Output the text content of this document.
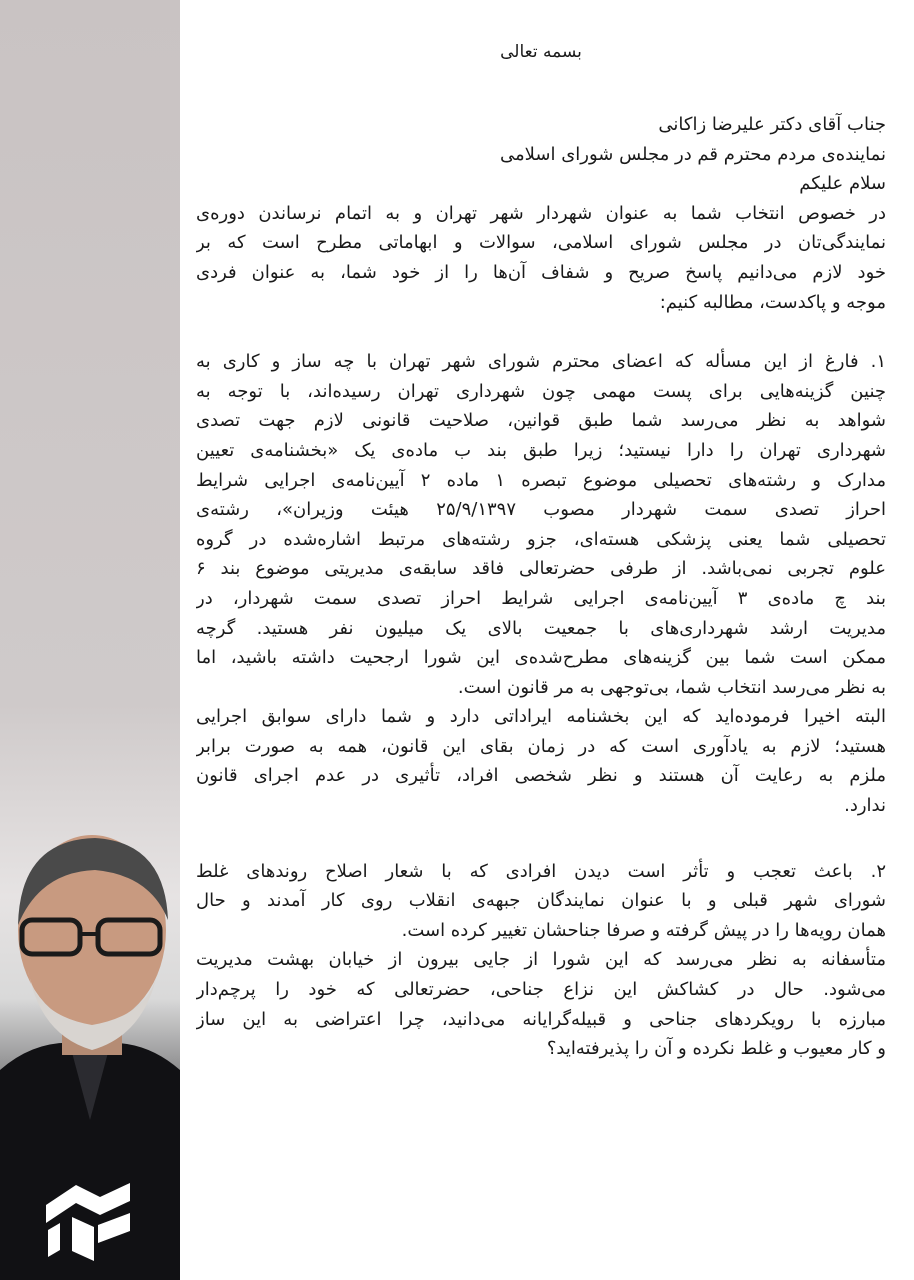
بسمه تعالی
جناب آقای دکتر علیرضا زاکانی
نماینده‌ی مردم محترم قم در مجلس شورای اسلامی
سلام علیکم
در خصوص انتخاب شما به عنوان شهردار شهر تهران و به اتمام نرساندن دوره‌ی
نمایندگی‌تان در مجلس شورای اسلامی، سوالات و ابهاماتی مطرح است که بر
خود لازم می‌دانیم پاسخ صریح و شفاف آن‌ها را از خود شما، به عنوان فردی
موجه و پاکدست، مطالبه کنیم:
۱. فارغ از این مسأله که اعضای محترم شورای شهر تهران با چه ساز و کاری به
چنین گزینه‌هایی برای پست مهمی چون شهرداری تهران رسیده‌اند، با توجه به
شواهد به نظر می‌رسد شما طبق قوانین، صلاحیت قانونی لازم جهت تصدی
شهرداری تهران را دارا نیستید؛ زیرا طبق بند ب ماده‌ی یک «بخشنامه‌ی تعیین
مدارک و رشته‌های تحصیلی موضوع تبصره ۱ ماده ۲ آیین‌نامه‌ی اجرایی شرایط
احراز تصدی سمت شهردار مصوب ۲۵/۹/۱۳۹۷ هیئت وزیران»، رشته‌ی
تحصیلی شما یعنی پزشکی هسته‌ای، جزو رشته‌های مرتبط اشاره‌شده در گروه
علوم تجربی نمی‌باشد. از طرفی حضرتعالی فاقد سابقه‌ی مدیریتی موضوع بند ۶
بند چ ماده‌ی ۳ آیین‌نامه‌ی اجرایی شرایط احراز تصدی سمت شهردار، در
مدیریت ارشد شهرداری‌های با جمعیت بالای یک میلیون نفر هستید. گرچه
ممکن است شما بین گزینه‌های مطرح‌شده‌ی این شورا ارجحیت داشته باشید، اما
به نظر می‌رسد انتخاب شما، بی‌توجهی به مر قانون است.
البته اخیرا فرموده‌اید که این بخشنامه ایراداتی دارد و شما دارای سوابق اجرایی
هستید؛ لازم به یادآوری است که در زمان بقای این قانون، همه به صورت برابر
ملزم به رعایت آن هستند و نظر شخصی افراد، تأثیری در عدم اجرای قانون
ندارد.
۲. باعث تعجب و تأثر است دیدن افرادی که با شعار اصلاح روندهای غلط
شورای شهر قبلی و با عنوان نمایندگان جبهه‌ی انقلاب روی کار آمدند و حال
همان رویه‌ها را در پیش گرفته و صرفا جناحشان تغییر کرده است.
متأسفانه به نظر می‌رسد که این شورا از جایی بیرون از خیابان بهشت مدیریت
می‌شود. حال در کشاکش این نزاع جناحی، حضرتعالی که خود را پرچم‌دار
مبارزه با رویکردهای جناحی و قبیله‌گرایانه می‌دانید، چرا اعتراضی به این ساز
و کار معیوب و غلط نکرده و آن را پذیرفته‌اید؟
